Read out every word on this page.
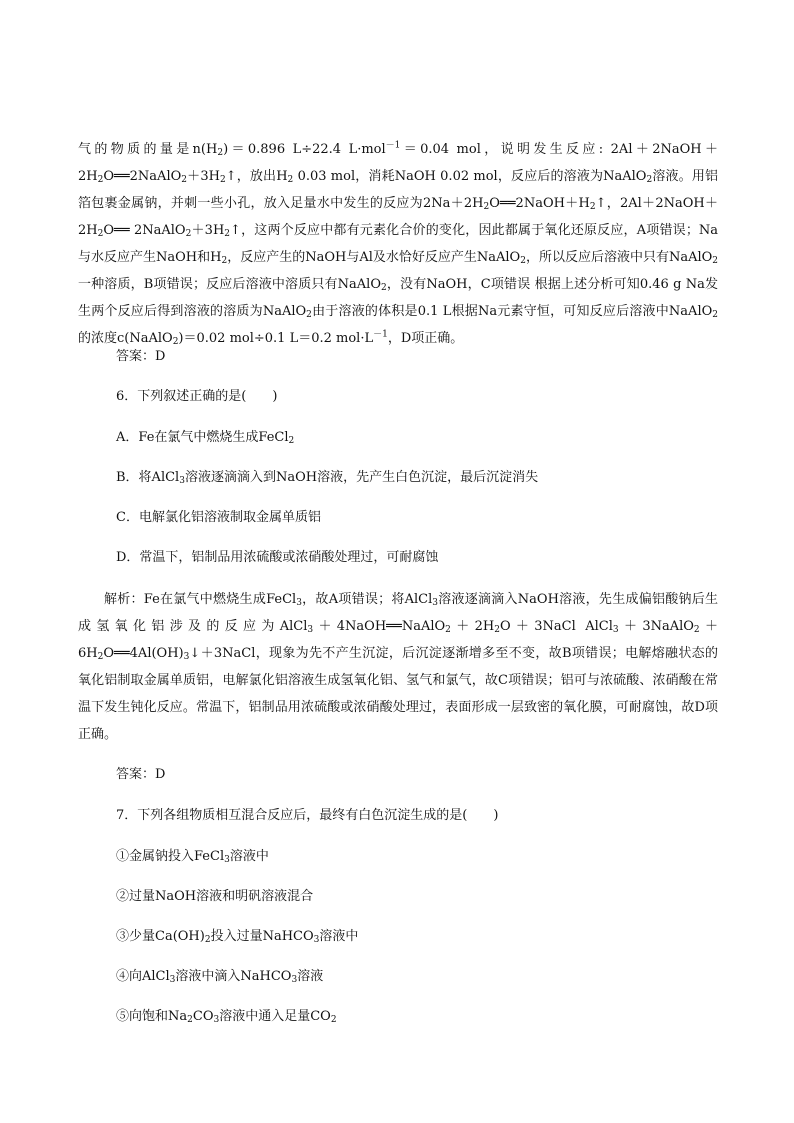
气的物质的量是$n(H_2)=0.896$ L÷22.4 L·mol$^{-1}$＝0.04 mol，说明发生反应: $2Al+2NaOH+2H_2O══2NaAlO_2+3H_2↑$，放出$H_2$ 0.03 mol，消耗NaOH 0.02 mol，反应后的溶液为NaAlO$_2$溶液。用铝箔包裹金属钠，并刺一些小孔，放入足量水中发生的反应为$2Na+2H_2O══2NaOH+H_2↑$，$2Al+2NaOH+2H_2O══$ $2NaAlO_2+3H_2↑$，这两个反应中都有元素化合价的变化，因此都属于氧化还原反应，A项错误；Na与水反应产生NaOH和$H_2$，反应产生的NaOH与Al及水恰好反应产生NaAlO$_2$，所以反应后溶液中只有NaAlO$_2$一种溶质，B项错误；反应后溶液中溶质只有NaAlO$_2$，没有NaOH，C项错误 根据上述分析可知0.46 g Na发生两个反应后得到溶液的溶质为NaAlO$_2$由于溶液的体积是0.1 L根据Na元素守恒，可知反应后溶液中NaAlO$_2$的浓度c(NaAlO$_2$)＝0.02 mol÷0.1 L＝0.2 $mol\cdot L^{-1}$，D项正确。

答案：D

6．下列叙述正确的是(　　)

A．Fe在氯气中燃烧生成FeCl$_2$

B．将AlCl$_3$溶液逐滴滴入到NaOH溶液，先产生白色沉淀，最后沉淀消失

C．电解氯化铝溶液制取金属单质铝

D．常温下，铝制品用浓硫酸或浓硝酸处理过，可耐腐蚀

解析：Fe在氯气中燃烧生成FeCl$_3$，故A项错误；将AlCl$_3$溶液逐滴滴入NaOH溶液，先生成偏铝酸钠后生成氢氧化铝涉及的反应为$AlCl_3+4NaOH══NaAlO_2+2H_2O+3NaCl$ $AlCl_3+3NaAlO_2+6H_2O══4Al(OH)_3↓+3NaCl$，现象为先不产生沉淀，后沉淀逐渐增多至不变，故B项错误；电解熔融状态的氧化铝制取金属单质铝，电解氯化铝溶液生成氢氧化铝、氢气和氯气，故C项错误；铝可与浓硫酸、浓硝酸在常温下发生钝化反应。常温下，铝制品用浓硫酸或浓硝酸处理过，表面形成一层致密的氧化膜，可耐腐蚀，故D项正确。

答案：D

7．下列各组物质相互混合反应后，最终有白色沉淀生成的是(　　)

①金属钠投入FeCl$_3$溶液中

②过量NaOH溶液和明矾溶液混合

③少量$Ca(OH)_2$投入过量NaHCO$_3$溶液中

④向AlCl$_3$溶液中滴入NaHCO$_3$溶液

⑤向饱和$Na_2CO_3$溶液中通入足量$CO_2$
